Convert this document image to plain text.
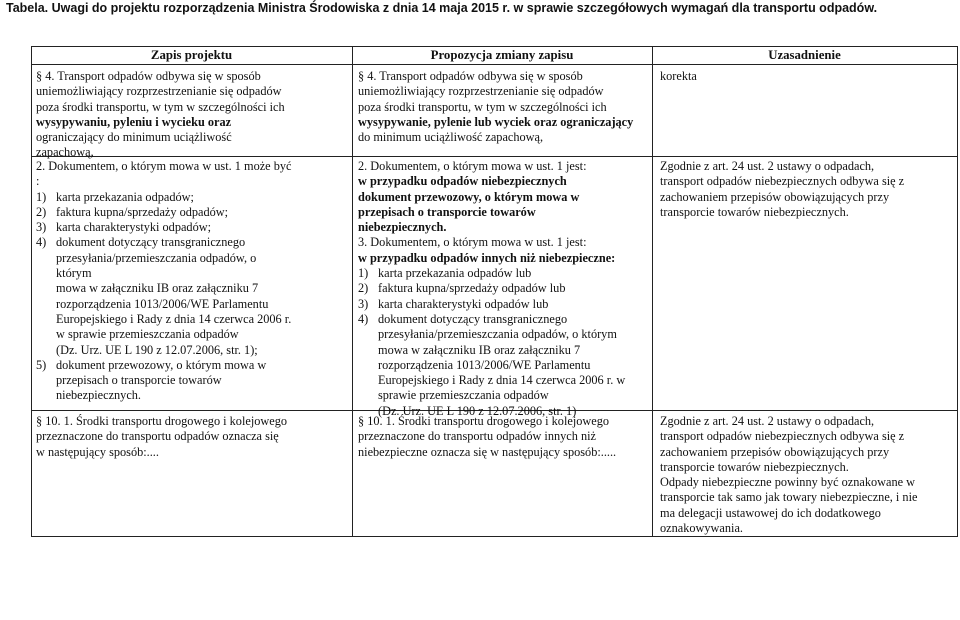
Tabela. Uwagi do projektu rozporządzenia Ministra Środowiska z dnia 14 maja 2015 r. w sprawie szczegółowych wymagań dla transportu odpadów.
Zapis projektu	Propozycja zmiany zapisu	Uzasadnienie
§ 4. Transport odpadów odbywa się w sposób
uniemożliwiający rozprzestrzenianie się odpadów
poza środki transportu, w tym w szczególności ich
wysypywaniu, pyleniu i wycieku oraz
ograniczający do minimum uciążliwość
zapachową,
§ 4. Transport odpadów odbywa się w sposób
uniemożliwiający rozprzestrzenianie się odpadów
poza środki transportu, w tym w szczególności ich
wysypywanie, pylenie lub wyciek oraz ograniczający
do minimum uciążliwość zapachową,
korekta
2. Dokumentem, o którym mowa w ust. 1 może być
:
1) karta przekazania odpadów;
2) faktura kupna/sprzedaży odpadów;
3) karta charakterystyki odpadów;
4) dokument dotyczący transgranicznego
przesyłania/przemieszczania odpadów, o
którym
mowa w załączniku IB oraz załączniku 7
rozporządzenia 1013/2006/WE Parlamentu
Europejskiego i Rady z dnia 14 czerwca 2006 r.
w sprawie przemieszczania odpadów
(Dz. Urz. UE L 190 z 12.07.2006, str. 1);
5) dokument przewozowy, o którym mowa w
przepisach o transporcie towarów
niebezpiecznych.
2. Dokumentem, o którym mowa w ust. 1 jest:
w przypadku odpadów niebezpiecznych
dokument przewozowy, o którym mowa w
przepisach o transporcie towarów
niebezpiecznych.
3. Dokumentem, o którym mowa w ust. 1 jest:
w przypadku odpadów innych niż niebezpieczne:
1) karta przekazania odpadów lub
2) faktura kupna/sprzedaży odpadów lub
3) karta charakterystyki odpadów lub
4) dokument dotyczący transgranicznego
przesyłania/przemieszczania odpadów, o którym
mowa w załączniku IB oraz załączniku 7
rozporządzenia 1013/2006/WE Parlamentu
Europejskiego i Rady z dnia 14 czerwca 2006 r. w
sprawie przemieszczania odpadów
(Dz. Urz. UE L 190 z 12.07.2006, str. 1)
Zgodnie z art. 24 ust. 2 ustawy o odpadach,
transport odpadów niebezpiecznych odbywa się z
zachowaniem przepisów obowiązujących przy
transporcie towarów niebezpiecznych.
§ 10. 1. Środki transportu drogowego i kolejowego
przeznaczone do transportu odpadów oznacza się
w następujący sposób:....
§ 10. 1. Środki transportu drogowego i kolejowego
przeznaczone do transportu odpadów innych niż
niebezpieczne oznacza się w następujący sposób:.....
Zgodnie z art. 24 ust. 2 ustawy o odpadach,
transport odpadów niebezpiecznych odbywa się z
zachowaniem przepisów obowiązujących przy
transporcie towarów niebezpiecznych.
Odpady niebezpieczne powinny być oznakowane w
transporcie tak samo jak towary niebezpieczne, i nie
ma delegacji ustawowej do ich dodatkowego
oznakowywania.
